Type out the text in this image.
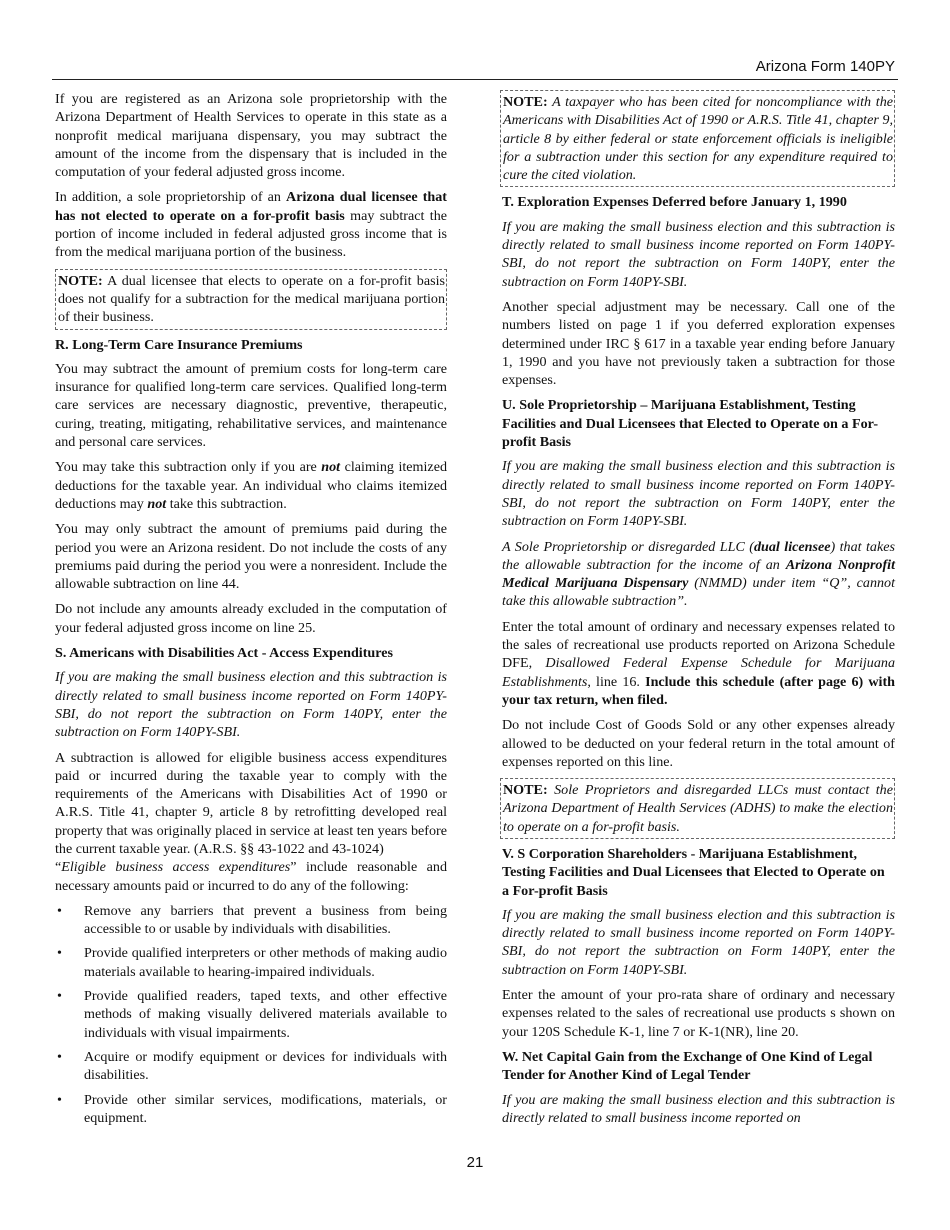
Arizona Form 140PY

If you are registered as an Arizona sole proprietorship with the Arizona Department of Health Services to operate in this state as a nonprofit medical marijuana dispensary, you may subtract the amount of the income from the dispensary that is included in the computation of your federal adjusted gross income.

In addition, a sole proprietorship of an Arizona dual licensee that has not elected to operate on a for-profit basis may subtract the portion of income included in federal adjusted gross income that is from the medical marijuana portion of the business.

NOTE: A dual licensee that elects to operate on a for-profit basis does not qualify for a subtraction for the medical marijuana portion of their business.

R. Long-Term Care Insurance Premiums

You may subtract the amount of premium costs for long-term care insurance for qualified long-term care services. Qualified long-term care services are necessary diagnostic, preventive, therapeutic, curing, treating, mitigating, rehabilitative services, and maintenance and personal care services.

You may take this subtraction only if you are not claiming itemized deductions for the taxable year. An individual who claims itemized deductions may not take this subtraction.

You may only subtract the amount of premiums paid during the period you were an Arizona resident. Do not include the costs of any premiums paid during the period you were a nonresident. Include the allowable subtraction on line 44.

Do not include any amounts already excluded in the computation of your federal adjusted gross income on line 25.

S. Americans with Disabilities Act - Access Expenditures

If you are making the small business election and this subtraction is directly related to small business income reported on Form 140PY-SBI, do not report the subtraction on Form 140PY, enter the subtraction on Form 140PY-SBI.

A subtraction is allowed for eligible business access expenditures paid or incurred during the taxable year to comply with the requirements of the Americans with Disabilities Act of 1990 or A.R.S. Title 41, chapter 9, article 8 by retrofitting developed real property that was originally placed in service at least ten years before the current taxable year. (A.R.S. §§ 43-1022 and 43-1024)

“Eligible business access expenditures” include reasonable and necessary amounts paid or incurred to do any of the following:

• Remove any barriers that prevent a business from being accessible to or usable by individuals with disabilities.
• Provide qualified interpreters or other methods of making audio materials available to hearing-impaired individuals.
• Provide qualified readers, taped texts, and other effective methods of making visually delivered materials available to individuals with visual impairments.
• Acquire or modify equipment or devices for individuals with disabilities.
• Provide other similar services, modifications, materials, or equipment.

NOTE: A taxpayer who has been cited for noncompliance with the Americans with Disabilities Act of 1990 or A.R.S. Title 41, chapter 9, article 8 by either federal or state enforcement officials is ineligible for a subtraction under this section for any expenditure required to cure the cited violation.

T. Exploration Expenses Deferred before January 1, 1990

If you are making the small business election and this subtraction is directly related to small business income reported on Form 140PY-SBI, do not report the subtraction on Form 140PY, enter the subtraction on Form 140PY-SBI.

Another special adjustment may be necessary. Call one of the numbers listed on page 1 if you deferred exploration expenses determined under IRC § 617 in a taxable year ending before January 1, 1990 and you have not previously taken a subtraction for those expenses.

U. Sole Proprietorship – Marijuana Establishment, Testing Facilities and Dual Licensees that Elected to Operate on a For-profit Basis

If you are making the small business election and this subtraction is directly related to small business income reported on Form 140PY-SBI, do not report the subtraction on Form 140PY, enter the subtraction on Form 140PY-SBI.

A Sole Proprietorship or disregarded LLC (dual licensee) that takes the allowable subtraction for the income of an Arizona Nonprofit Medical Marijuana Dispensary (NMMD) under item “Q”, cannot take this allowable subtraction”.

Enter the total amount of ordinary and necessary expenses related to the sales of recreational use products reported on Arizona Schedule DFE, Disallowed Federal Expense Schedule for Marijuana Establishments, line 16. Include this schedule (after page 6) with your tax return, when filed.

Do not include Cost of Goods Sold or any other expenses already allowed to be deducted on your federal return in the total amount of expenses reported on this line.

NOTE: Sole Proprietors and disregarded LLCs must contact the Arizona Department of Health Services (ADHS) to make the election to operate on a for-profit basis.

V. S Corporation Shareholders - Marijuana Establishment, Testing Facilities and Dual Licensees that Elected to Operate on a For-profit Basis

If you are making the small business election and this subtraction is directly related to small business income reported on Form 140PY-SBI, do not report the subtraction on Form 140PY, enter the subtraction on Form 140PY-SBI.

Enter the amount of your pro-rata share of ordinary and necessary expenses related to the sales of recreational use products s shown on your 120S Schedule K-1, line 7 or K-1(NR), line 20.

W. Net Capital Gain from the Exchange of One Kind of Legal Tender for Another Kind of Legal Tender

If you are making the small business election and this subtraction is directly related to small business income reported on

21
